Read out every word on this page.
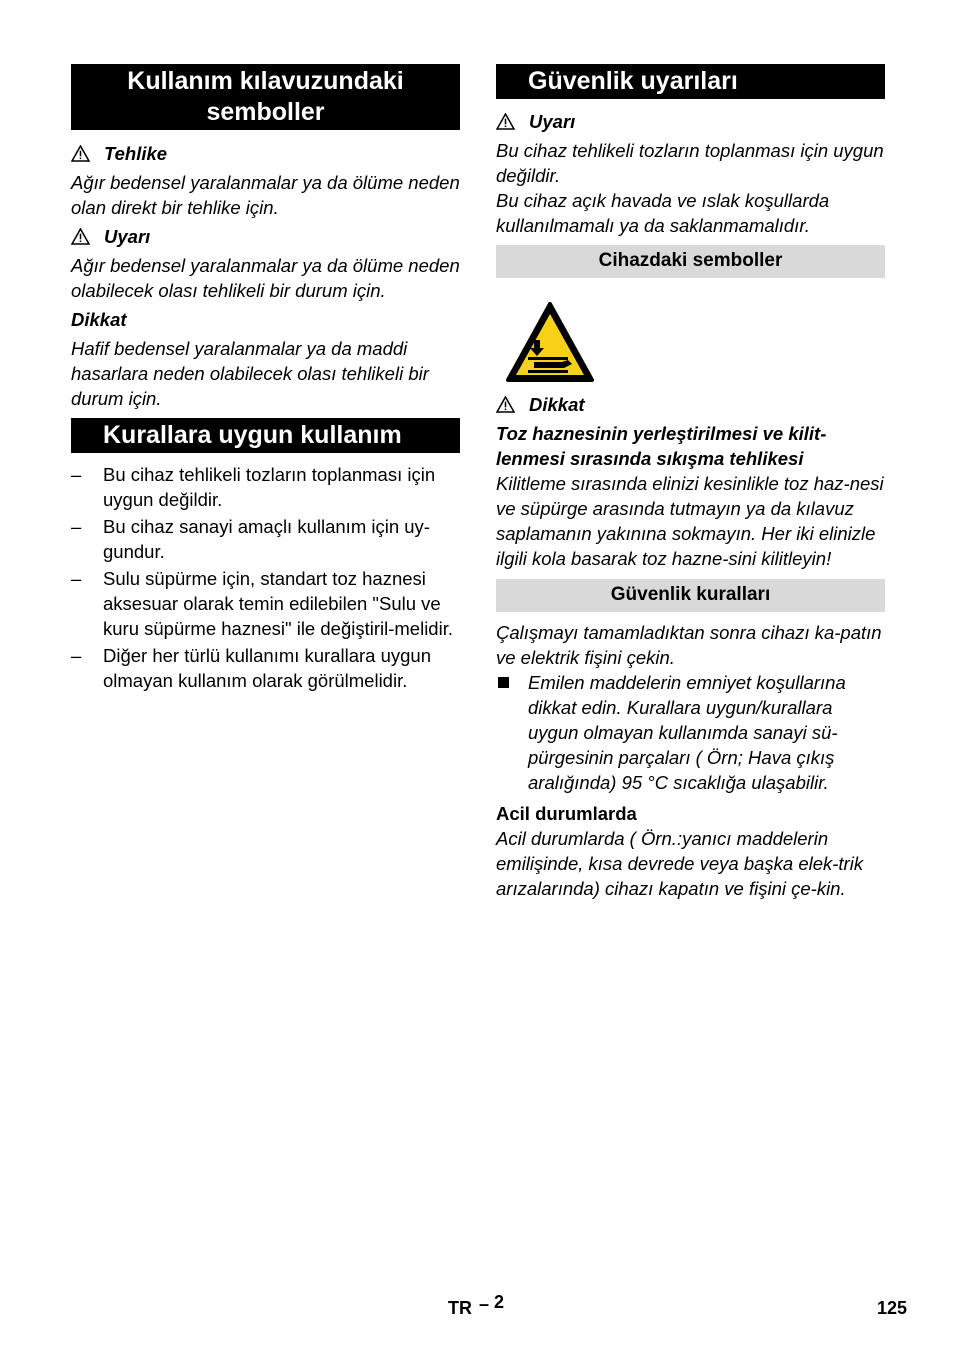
Kullanım kılavuzundaki semboller
Tehlike
Ağır bedensel yaralanmalar ya da ölüme neden olan direkt bir tehlike için.
Uyarı
Ağır bedensel yaralanmalar ya da ölüme neden olabilecek olası tehlikeli bir durum için.
Dikkat
Hafif bedensel yaralanmalar ya da maddi hasarlara neden olabilecek olası tehlikeli bir durum için.
Kurallara uygun kullanım
– Bu cihaz tehlikeli tozların toplanması için uygun değildir.
– Bu cihaz sanayi amaçlı kullanım için uy-gundur.
– Sulu süpürme için, standart toz haznesi aksesuar olarak temin edilebilen "Sulu ve kuru süpürme haznesi" ile değiştiril-melidir.
– Diğer her türlü kullanımı kurallara uygun olmayan kullanım olarak görülmelidir.
Güvenlik uyarıları
Uyarı
Bu cihaz tehlikeli tozların toplanması için uygun değildir.
Bu cihaz açık havada ve ıslak koşullarda kullanılmamalı ya da saklanmamalıdır.
Cihazdaki semboller
Dikkat
Toz haznesinin yerleştirilmesi ve kilit-lenmesi sırasında sıkışma tehlikesi
Kilitleme sırasında elinizi kesinlikle toz haz-nesi ve süpürge arasında tutmayın ya da kılavuz saplamanın yakınına sokmayın. Her iki elinizle ilgili kola basarak toz hazne-sini kilitleyin!
Güvenlik kuralları
Çalışmayı tamamladıktan sonra cihazı ka-patın ve elektrik fişini çekin.
Emilen maddelerin emniyet koşullarına dikkat edin. Kurallara uygun/kurallara uygun olmayan kullanımda sanayi sü-pürgesinin parçaları ( Örn; Hava çıkış aralığında) 95 °C sıcaklığa ulaşabilir.
Acil durumlarda
Acil durumlarda ( Örn.:yanıcı maddelerin emilişinde, kısa devrede veya başka elek-trik arızalarında) cihazı kapatın ve fişini çe-kin.
TR – 2	125
